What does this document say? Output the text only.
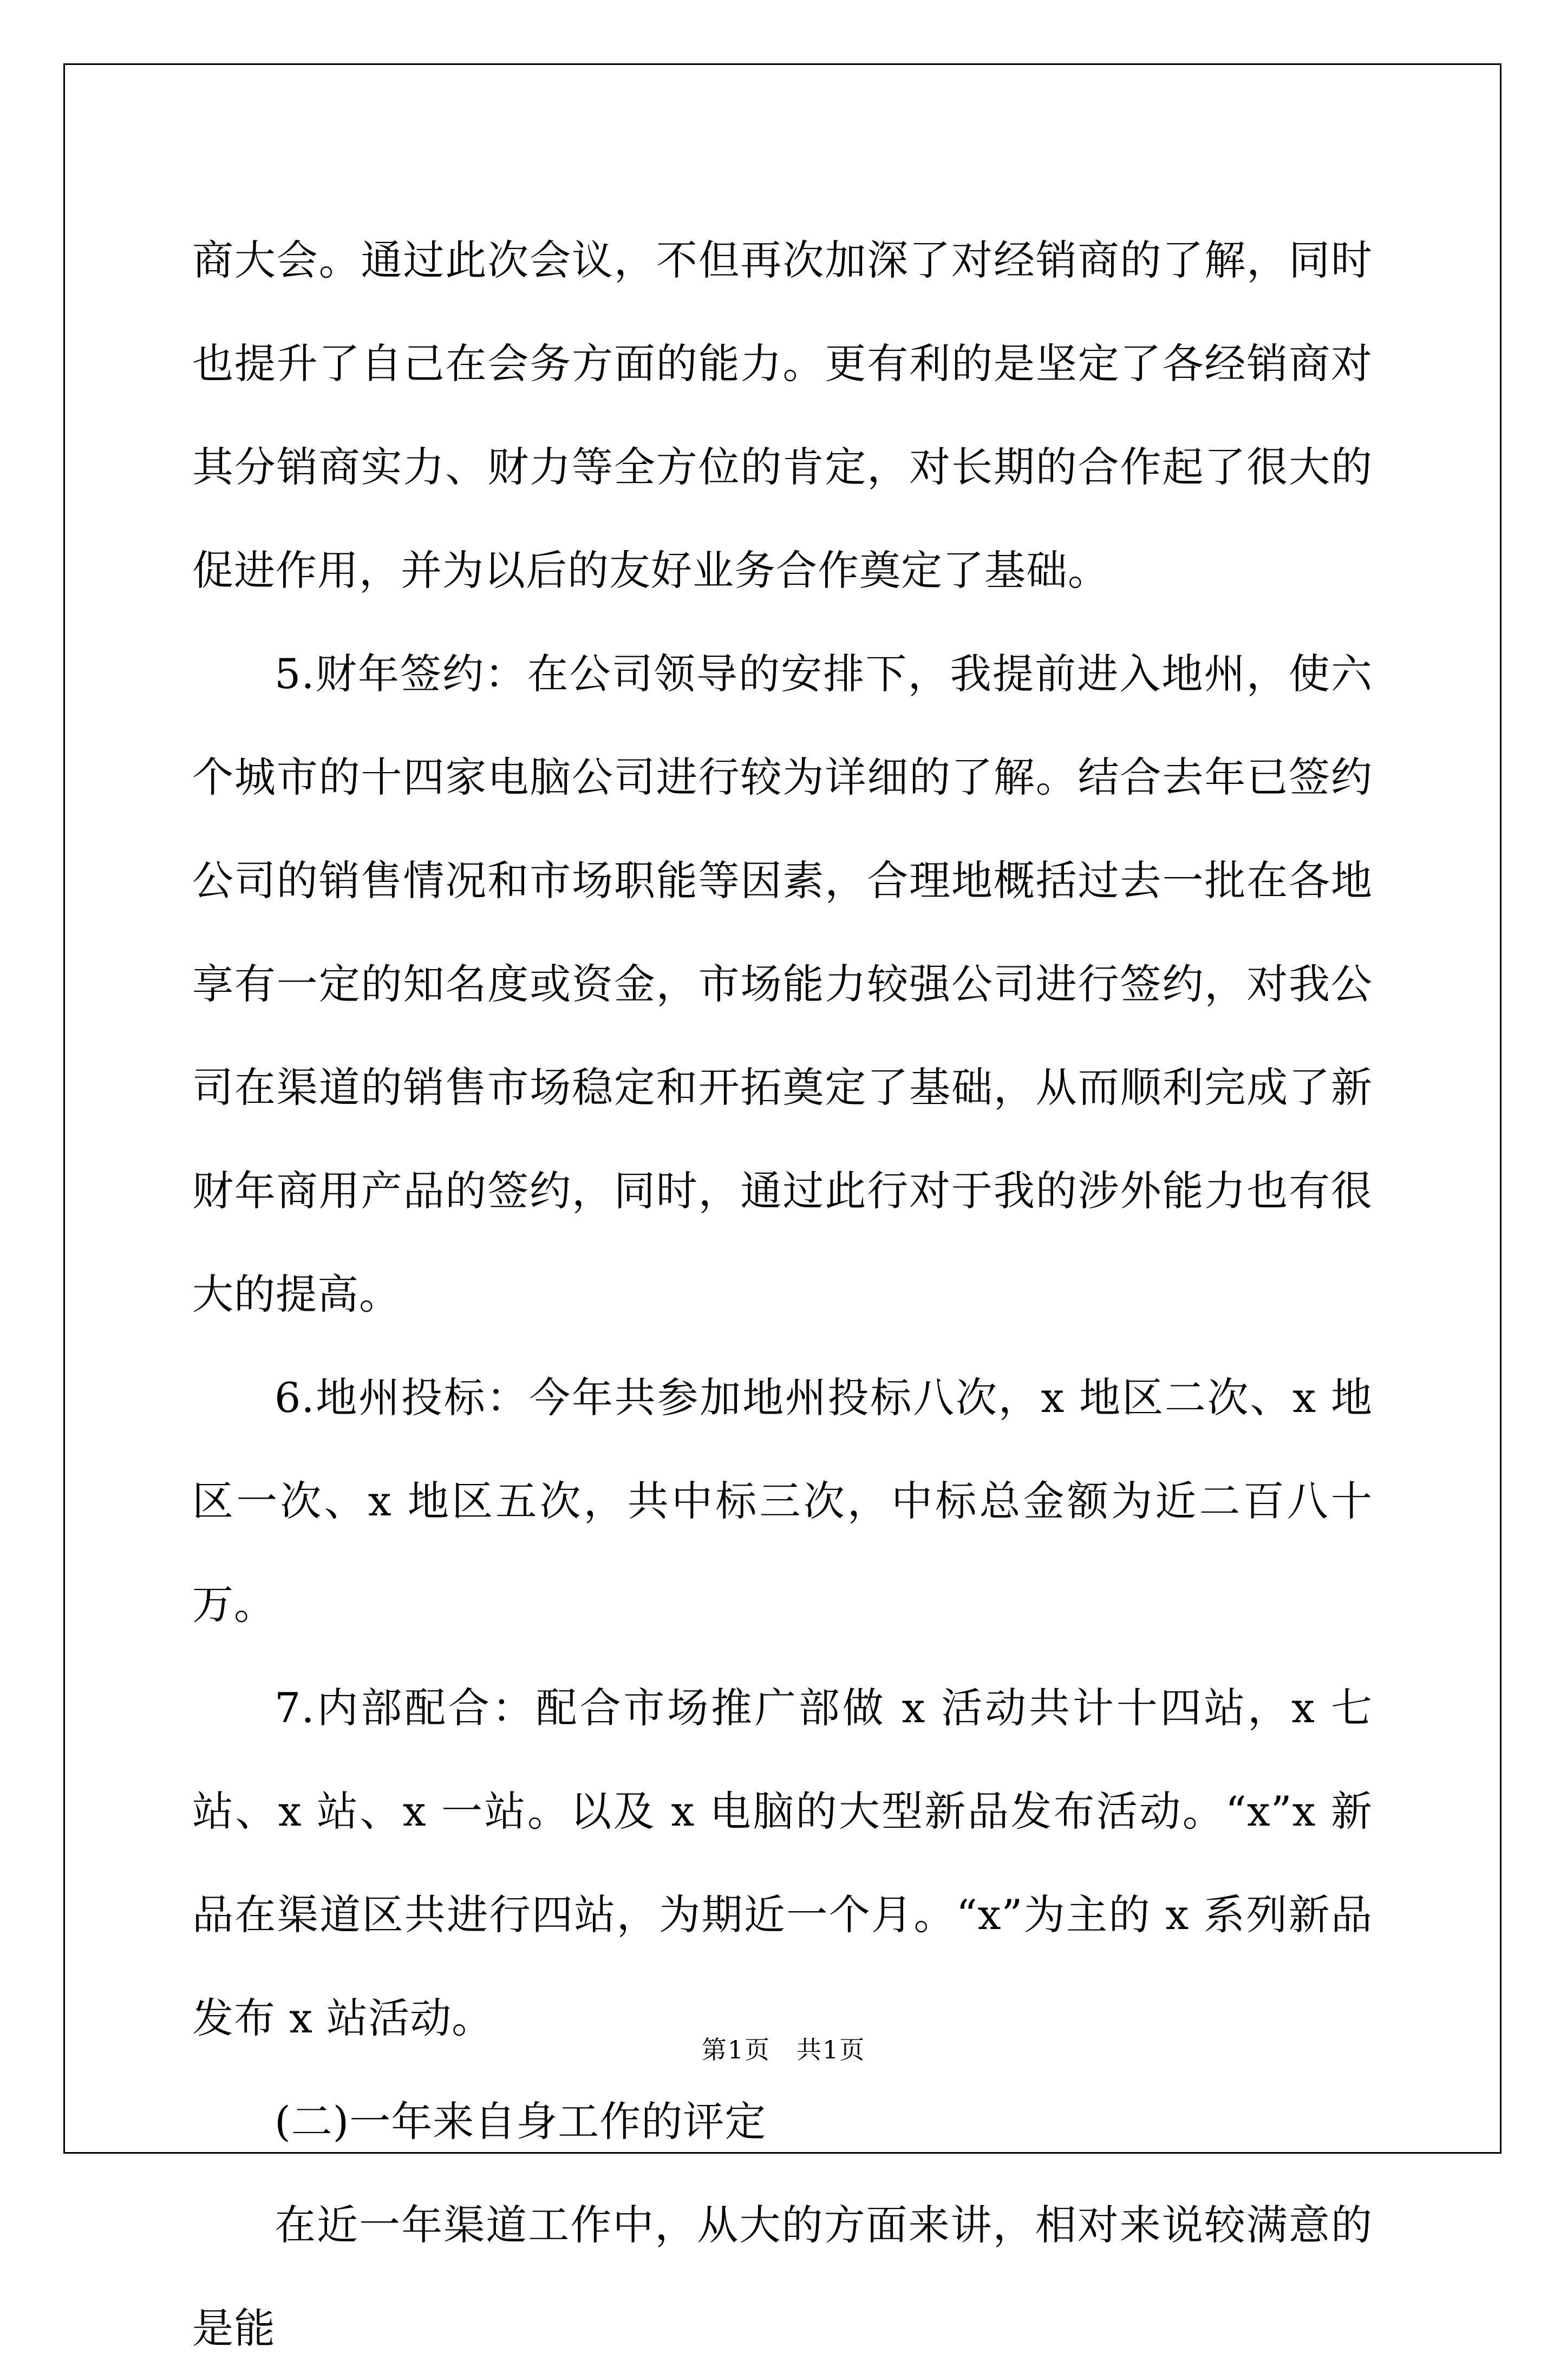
商大会。通过此次会议，不但再次加深了对经销商的了解，同时也提升了自己在会务方面的能力。更有利的是坚定了各经销商对其分销商实力、财力等全方位的肯定，对长期的合作起了很大的促进作用，并为以后的友好业务合作奠定了基础。

5.财年签约：在公司领导的安排下，我提前进入地州，使六个城市的十四家电脑公司进行较为详细的了解。结合去年已签约公司的销售情况和市场职能等因素，合理地概括过去一批在各地享有一定的知名度或资金，市场能力较强公司进行签约，对我公司在渠道的销售市场稳定和开拓奠定了基础，从而顺利完成了新财年商用产品的签约，同时，通过此行对于我的涉外能力也有很大的提高。

6.地州投标：今年共参加地州投标八次，x 地区二次、x 地区一次、x 地区五次，共中标三次，中标总金额为近二百八十万。

7.内部配合：配合市场推广部做 x 活动共计十四站，x 七站、x 站、x 一站。以及 x 电脑的大型新品发布活动。“x”x 新品在渠道区共进行四站，为期近一个月。“x”为主的 x 系列新品发布 x 站活动。

(二)一年来自身工作的评定

在近一年渠道工作中，从大的方面来讲，相对来说较满意的是能

第1页　共1页
